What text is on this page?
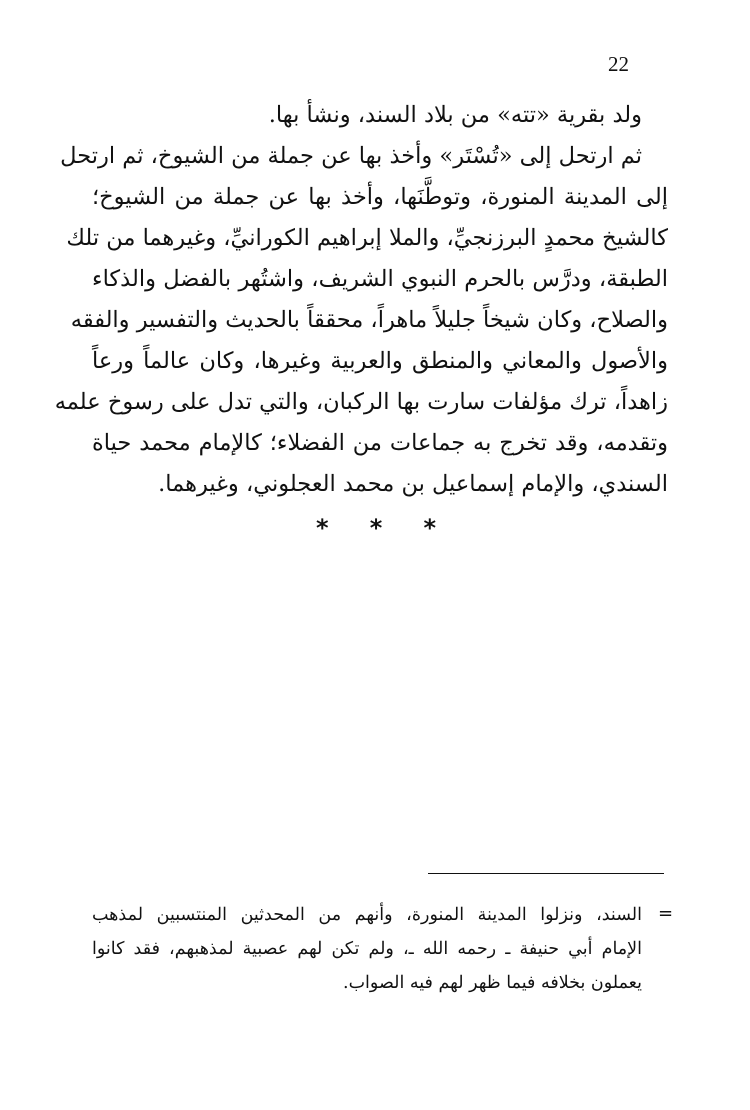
22
ولد بقرية «تته» من بلاد السند، ونشأ بها.
ثم ارتحل إلى «تُسْتَر» وأخذ بها عن جملة من الشيوخ، ثم ارتحل
إلى المدينة المنورة، وتوطَّنَها، وأخذ بها عن جملة من الشيوخ؛
كالشيخ محمدٍ البرزنجيِّ، والملا إبراهيم الكورانيِّ، وغيرهما من تلك
الطبقة، ودرَّس بالحرم النبوي الشريف، واشتُهر بالفضل والذكاء
والصلاح، وكان شيخاً جليلاً ماهراً، محققاً بالحديث والتفسير والفقه
والأصول والمعاني والمنطق والعربية وغيرها، وكان عالماً ورعاً
زاهداً، ترك مؤلفات سارت بها الركبان، والتي تدل على رسوخ علمه
وتقدمه، وقد تخرج به جماعات من الفضلاء؛ كالإمام محمد حياة
السندي، والإمام إسماعيل بن محمد العجلوني، وغيرهما.
* * *
=
السند، ونزلوا المدينة المنورة، وأنهم من المحدثين المنتسبين لمذهب
الإمام أبي حنيفة ـ رحمه الله ـ، ولم تكن لهم عصبية لمذهبهم، فقد كانوا
يعملون بخلافه فيما ظهر لهم فيه الصواب.
